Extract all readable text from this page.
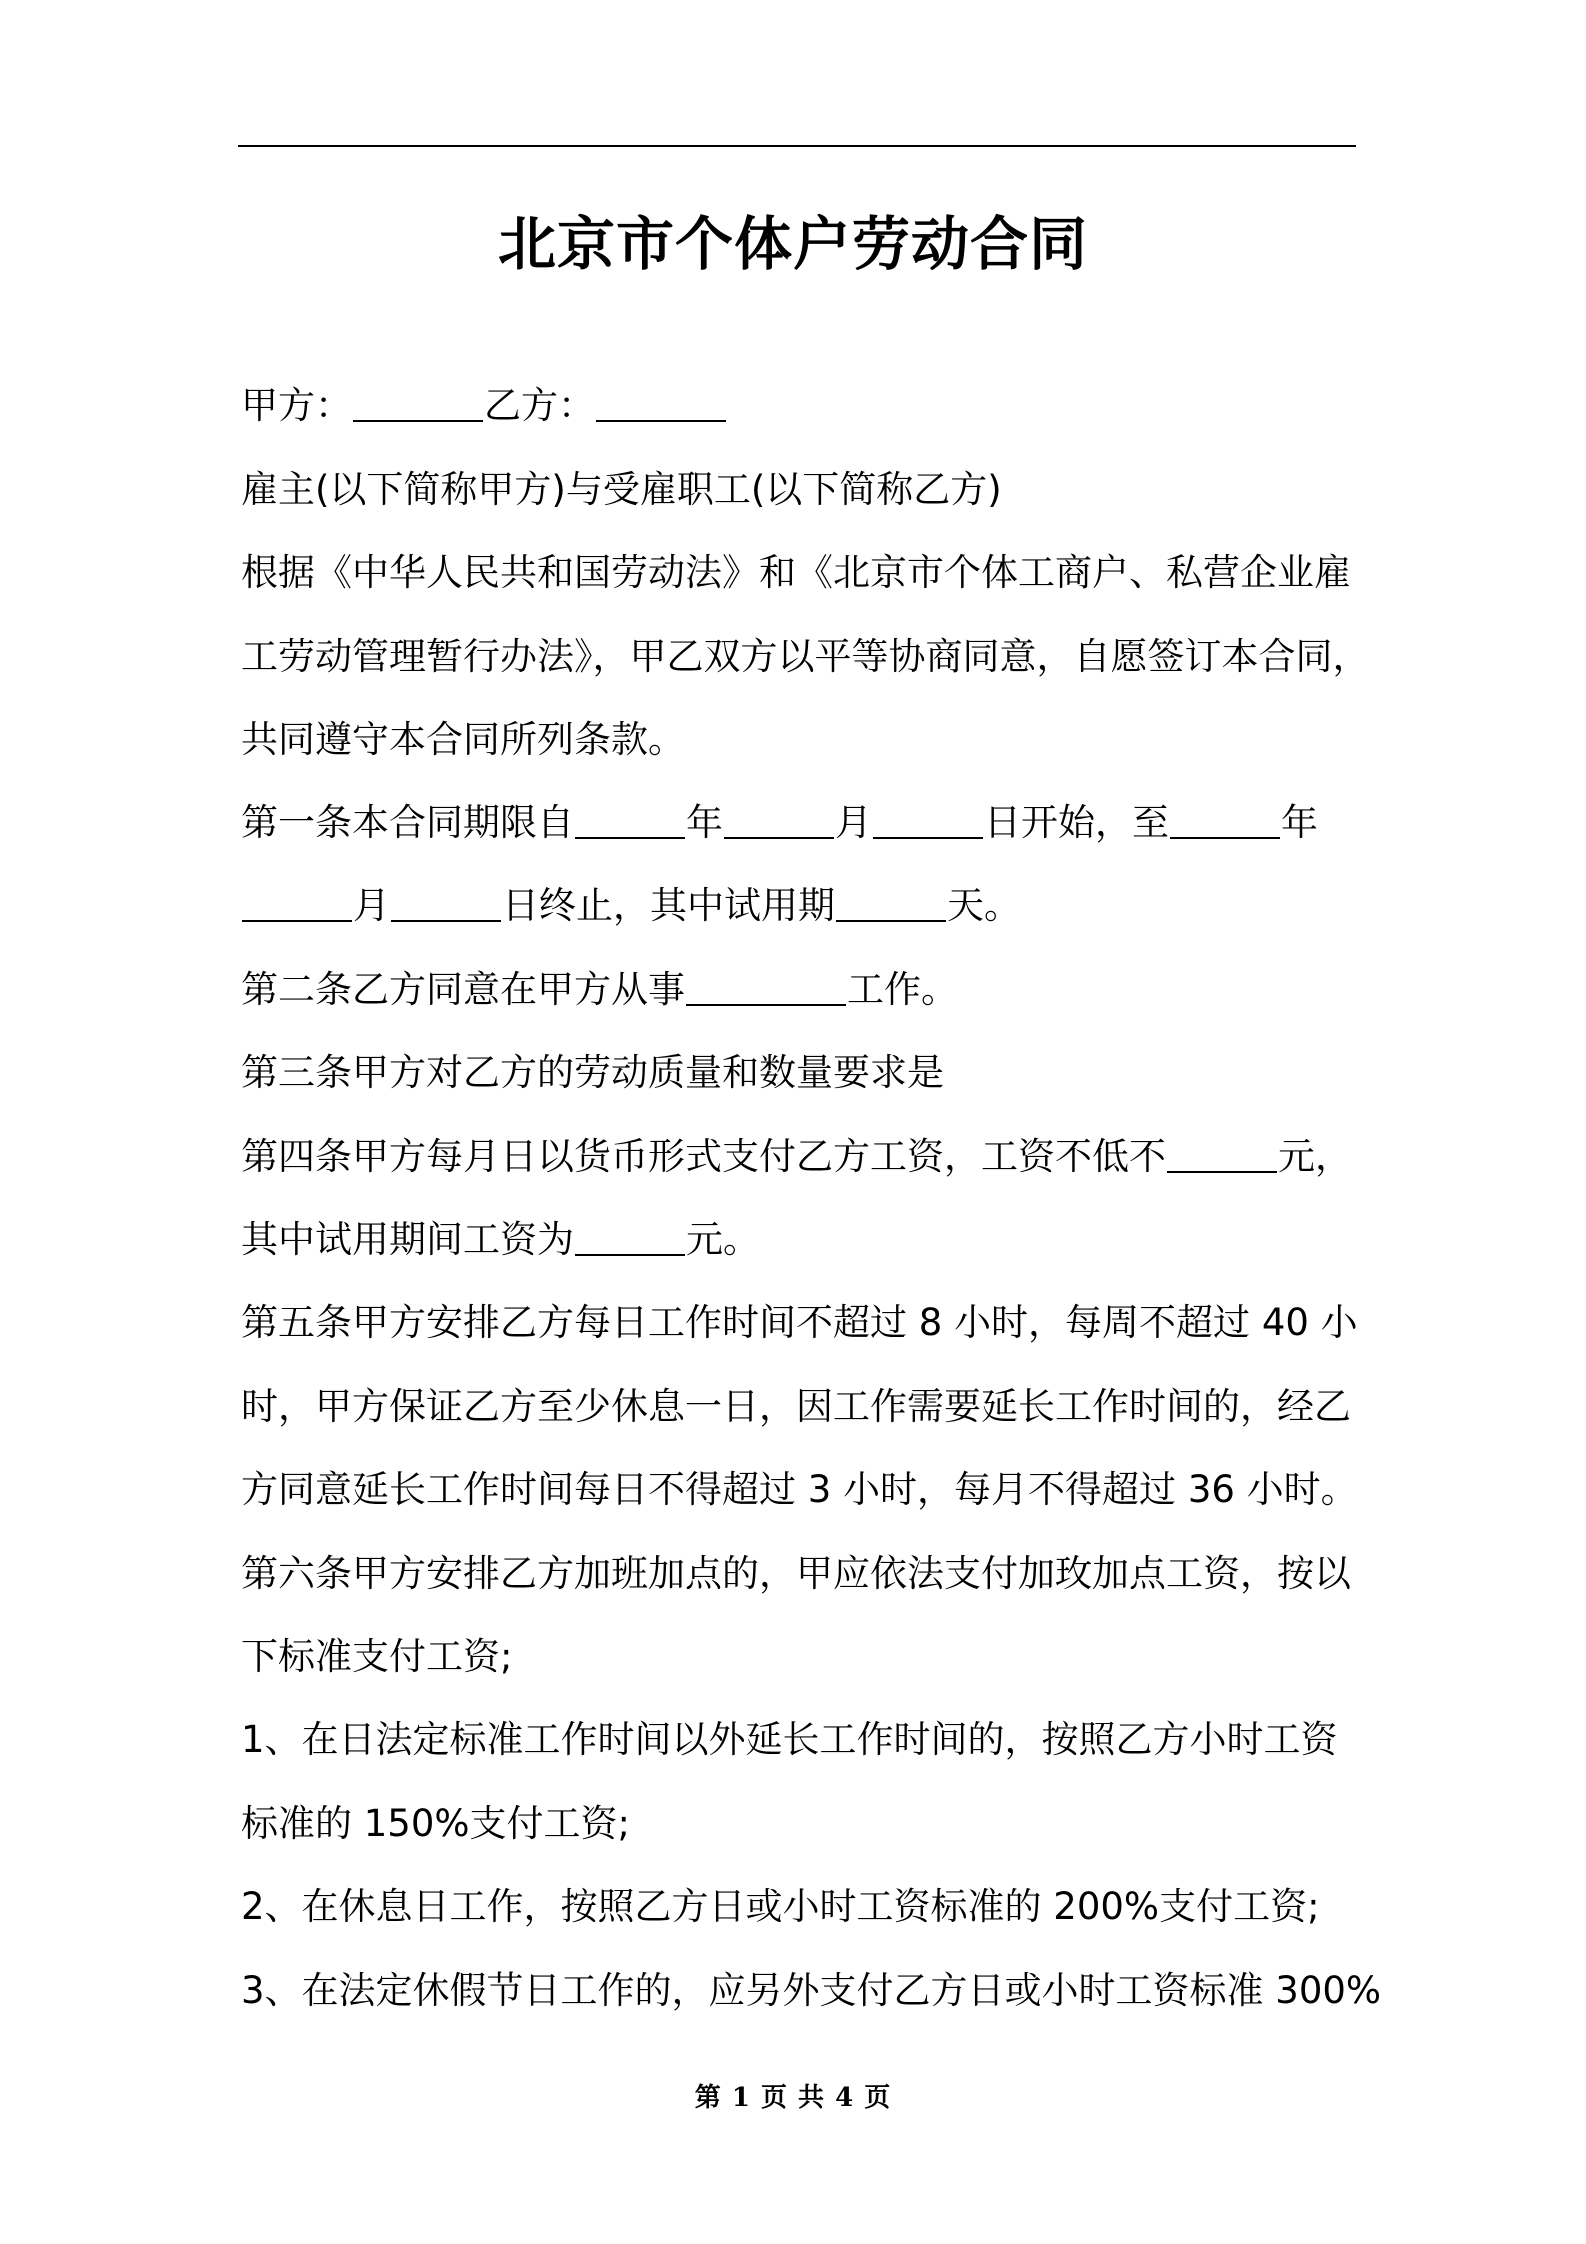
北京市个体户劳动合同
甲方：	乙方：
雇主(以下简称甲方)与受雇职工(以下简称乙方)
根据《中华人民共和国劳动法》和《北京市个体工商户、私营企业雇
工劳动管理暂行办法》，甲乙双方以平等协商同意，自愿签订本合同，
共同遵守本合同所列条款。
第一条本合同期限自	年	月	日开始，至	年
月	日终止，其中试用期	天。
第二条乙方同意在甲方从事	工作。
第三条甲方对乙方的劳动质量和数量要求是
第四条甲方每月日以货币形式支付乙方工资，工资不低不	元，
其中试用期间工资为	元。
第五条甲方安排乙方每日工作时间不超过 8 小时，每周不超过 40 小
时，甲方保证乙方至少休息一日，因工作需要延长工作时间的，经乙
方同意延长工作时间每日不得超过 3 小时，每月不得超过 36 小时。
第六条甲方安排乙方加班加点的，甲应依法支付加玫加点工资，按以
下标准支付工资;
1、在日法定标准工作时间以外延长工作时间的，按照乙方小时工资
标准的 150%支付工资;
2、在休息日工作，按照乙方日或小时工资标准的 200%支付工资;
3、在法定休假节日工作的，应另外支付乙方日或小时工资标准 300%
第 1 页 共 4 页
